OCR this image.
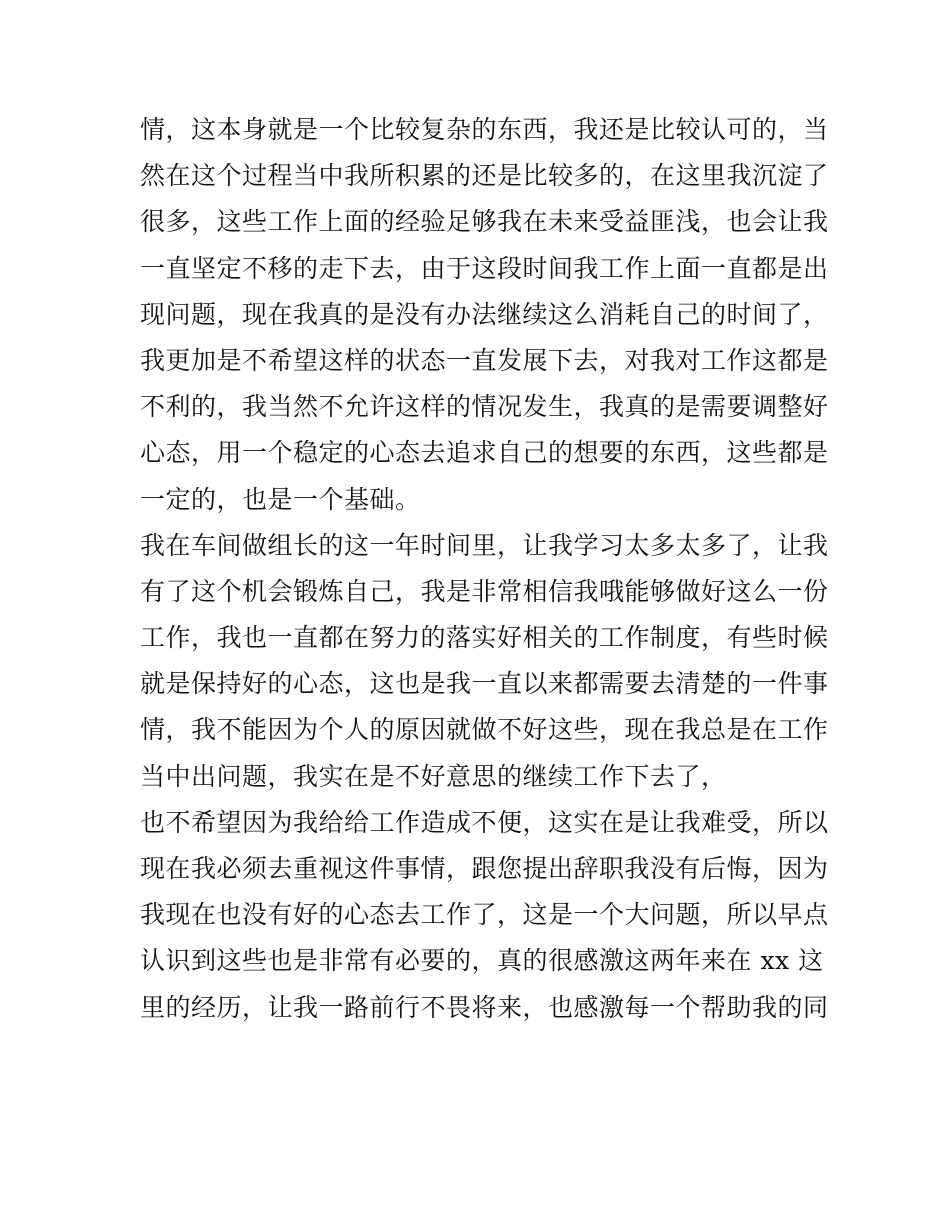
情，这本身就是一个比较复杂的东西，我还是比较认可的，当
然在这个过程当中我所积累的还是比较多的，在这里我沉淀了
很多，这些工作上面的经验足够我在未来受益匪浅，也会让我
一直坚定不移的走下去，由于这段时间我工作上面一直都是出
现问题，现在我真的是没有办法继续这么消耗自己的时间了，
我更加是不希望这样的状态一直发展下去，对我对工作这都是
不利的，我当然不允许这样的情况发生，我真的是需要调整好
心态，用一个稳定的心态去追求自己的想要的东西，这些都是
一定的，也是一个基础。
我在车间做组长的这一年时间里，让我学习太多太多了，让我
有了这个机会锻炼自己，我是非常相信我哦能够做好这么一份
工作，我也一直都在努力的落实好相关的工作制度，有些时候
就是保持好的心态，这也是我一直以来都需要去清楚的一件事
情，我不能因为个人的原因就做不好这些，现在我总是在工作
当中出问题，我实在是不好意思的继续工作下去了，
也不希望因为我给给工作造成不便，这实在是让我难受，所以
现在我必须去重视这件事情，跟您提出辞职我没有后悔，因为
我现在也没有好的心态去工作了，这是一个大问题，所以早点
认识到这些也是非常有必要的，真的很感激这两年来在 xx 这
里的经历，让我一路前行不畏将来，也感激每一个帮助我的同
